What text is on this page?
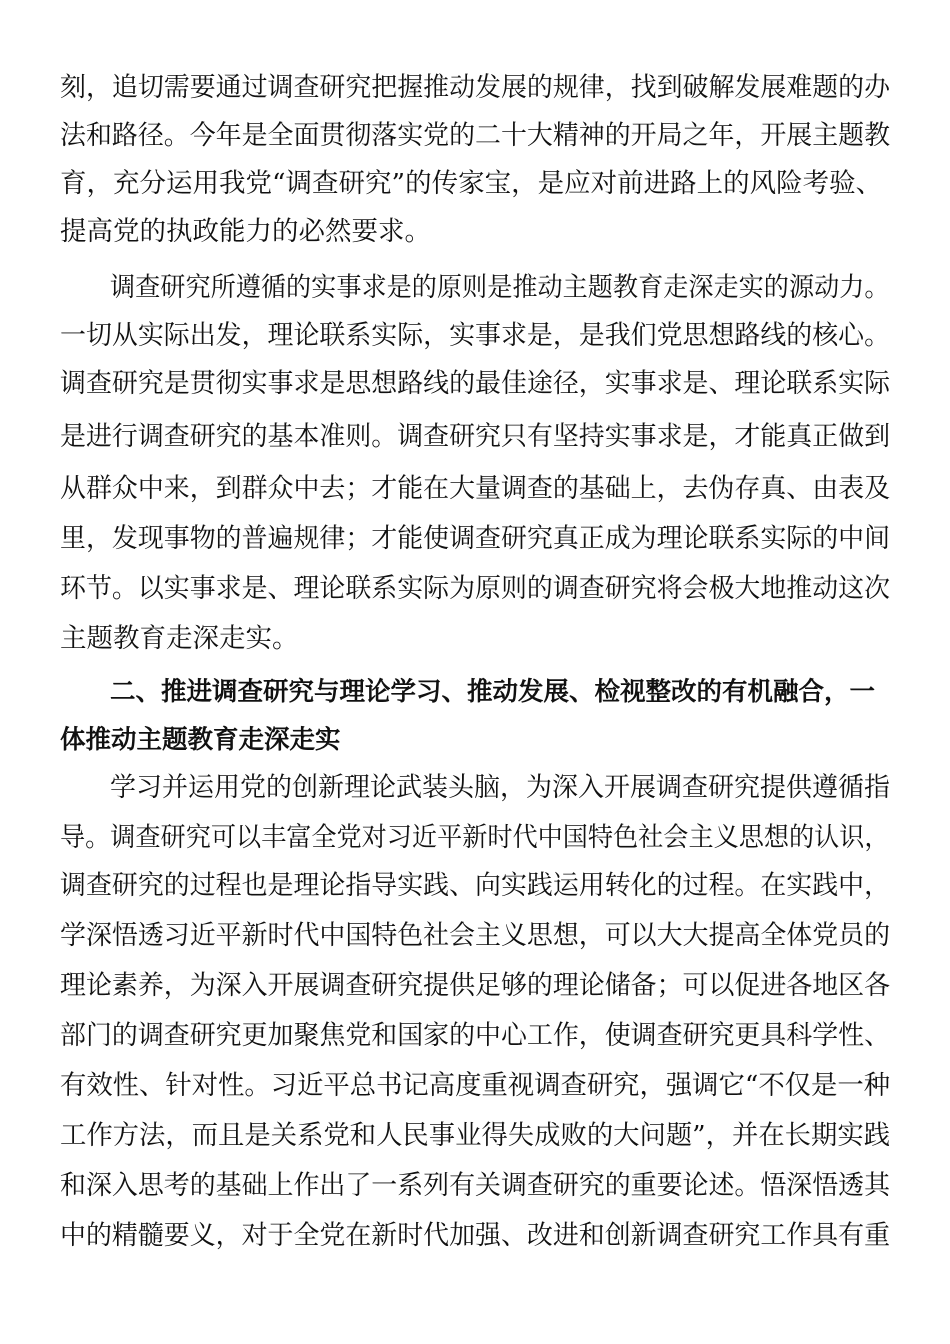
刻，追切需要通过调查研究把握推动发展的规律，找到破解发展难题的办
法和路径。今年是全面贯彻落实党的二十大精神的开局之年，开展主题教
育，充分运用我党“调查研究”的传家宝，是应对前进路上的风险考验、
提高党的执政能力的必然要求。
调查研究所遵循的实事求是的原则是推动主题教育走深走实的源动力。
一切从实际出发，理论联系实际，实事求是，是我们党思想路线的核心。
调查研究是贯彻实事求是思想路线的最佳途径，实事求是、理论联系实际
是进行调查研究的基本准则。调查研究只有坚持实事求是，才能真正做到
从群众中来，到群众中去；才能在大量调查的基础上，去伪存真、由表及
里，发现事物的普遍规律；才能使调查研究真正成为理论联系实际的中间
环节。以实事求是、理论联系实际为原则的调查研究将会极大地推动这次
主题教育走深走实。
二、推进调查研究与理论学习、推动发展、检视整改的有机融合，一
体推动主题教育走深走实
学习并运用党的创新理论武装头脑，为深入开展调查研究提供遵循指
导。调查研究可以丰富全党对习近平新时代中国特色社会主义思想的认识，
调查研究的过程也是理论指导实践、向实践运用转化的过程。在实践中，
学深悟透习近平新时代中国特色社会主义思想，可以大大提高全体党员的
理论素养，为深入开展调查研究提供足够的理论储备；可以促进各地区各
部门的调查研究更加聚焦党和国家的中心工作，使调查研究更具科学性、
有效性、针对性。习近平总书记高度重视调查研究，强调它“不仅是一种
工作方法，而且是关系党和人民事业得失成败的大问题”，并在长期实践
和深入思考的基础上作出了一系列有关调查研究的重要论述。悟深悟透其
中的精髓要义，对于全党在新时代加强、改进和创新调查研究工作具有重
